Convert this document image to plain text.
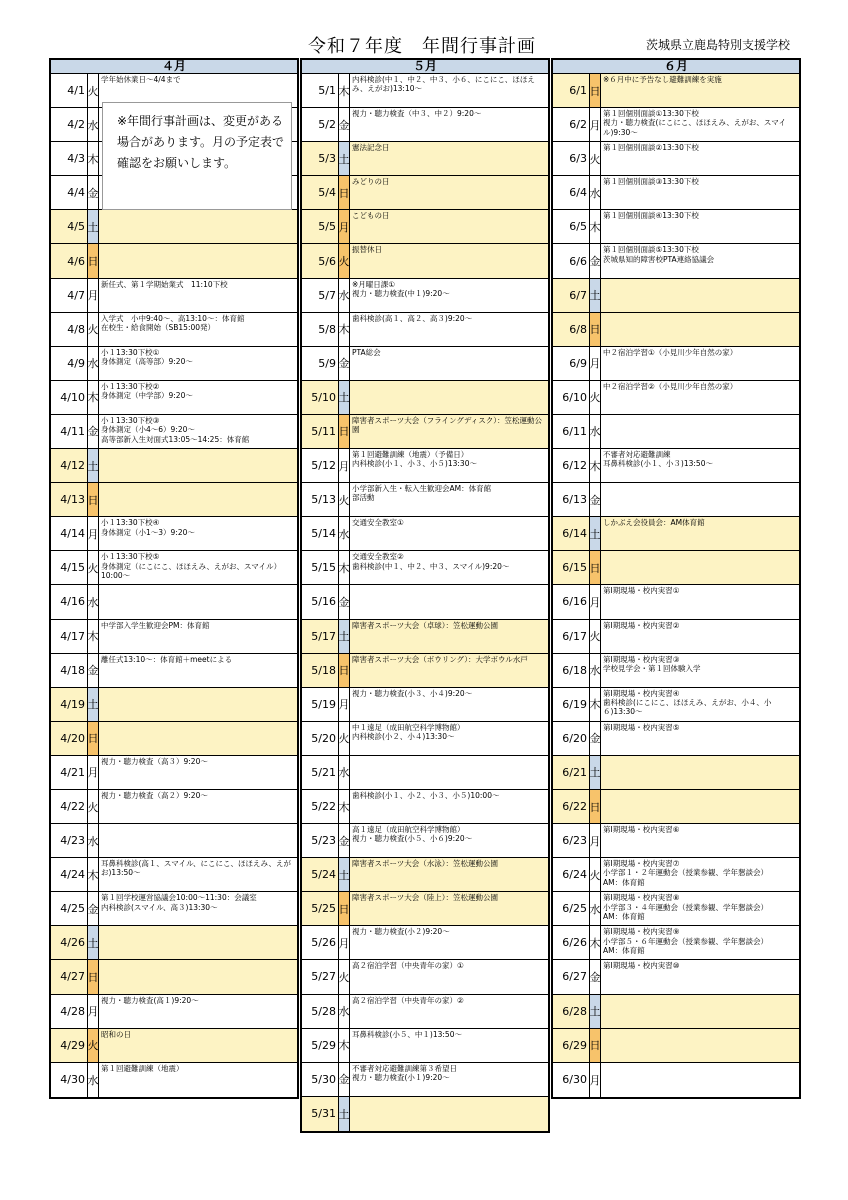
令和７年度　年間行事計画	茨城県立鹿島特別支援学校
４月
4/1 火
学年始休業日～4/4まで
4/2 水
4/3 木
4/4 金
4/5 土
4/6 日
4/7 月
新任式、第１学期始業式　11:10下校
4/8 火
入学式　小中9:40～、高13:10～：体育館
在校生・給食開始（SB15:00発）
4/9 水
小１13:30下校①
身体測定（高等部）9:20～
4/10 木
小１13:30下校②
身体測定（中学部）9:20～
4/11 金
小１13:30下校③
身体測定（小4～6）9:20～
高等部新入生対面式13:05～14:25：体育館
4/12 土
4/13 日
4/14 月
小１13:30下校④
身体測定（小1～3）9:20～
4/15 火
小１13:30下校⑤
身体測定（にこにこ、ほほえみ、えがお、スマイル）10:00～
4/16 水
4/17 木
中学部入学生歓迎会PM：体育館
4/18 金
離任式13:10～：体育館＋meetによる
4/19 土
4/20 日
4/21 月
視力・聴力検査（高３）9:20～
4/22 火
視力・聴力検査（高２）9:20～
4/23 水
4/24 木
耳鼻科検診(高１、スマイル、にこにこ、ほほえみ、えがお)13:50～
4/25 金
第１回学校運営協議会10:00～11:30：会議室
内科検診(スマイル、高３)13:30～
4/26 土
4/27 日
4/28 月
視力・聴力検査(高１)9:20～
4/29 火
昭和の日
4/30 水
第１回避難訓練（地震）
５月
5/1 木
内科検診(中１、中２、中３、小６、にこにこ、ほほえみ、えがお)13:10～
5/2 金
視力・聴力検査（中３、中２）9:20～
5/3 土
憲法記念日
5/4 日
みどりの日
5/5 月
こどもの日
5/6 火
振替休日
5/7 水
※月曜日課①
視力・聴力検査(中１)9:20～
5/8 木
歯科検診(高１、高２、高３)9:20～
5/9 金
PTA総会
5/10 土
5/11 日
障害者スポーツ大会（フライングディスク）：笠松運動公園
5/12 月
第１回避難訓練（地震）（予備日）
内科検診(小１、小３、小５)13:30～
5/13 火
小学部新入生・転入生歓迎会AM：体育館
部活動
5/14 水
交通安全教室①
5/15 木
交通安全教室②
歯科検診(中１、中２、中３、スマイル)9:20～
5/16 金
5/17 土
障害者スポーツ大会（卓球）：笠松運動公園
5/18 日
障害者スポーツ大会（ボウリング）：大学ボウル水戸
5/19 月
視力・聴力検査(小３、小４)9:20～
5/20 火
中１遠足（成田航空科学博物館）
内科検診(小２、小４)13:30～
5/21 水
5/22 木
歯科検診(小１、小２、小３、小５)10:00～
5/23 金
高１遠足（成田航空科学博物館）
視力・聴力検査(小５、小６)9:20～
5/24 土
障害者スポーツ大会（水泳）：笠松運動公園
5/25 日
障害者スポーツ大会（陸上）：笠松運動公園
5/26 月
視力・聴力検査(小２)9:20～
5/27 火
高２宿泊学習（中央青年の家）①
5/28 水
高２宿泊学習（中央青年の家）②
5/29 木
耳鼻科検診(小５、中１)13:50～
5/30 金
不審者対応避難訓練第３希望日
視力・聴力検査(小１)9:20～
5/31 土
６月
6/1 日
※６月中に予告なし避難訓練を実施
6/2 月
第１回個別面談①13:30下校
視力・聴力検査(にこにこ、ほほえみ、えがお、スマイル)9:30～
6/3 火
第１回個別面談②13:30下校
6/4 水
第１回個別面談③13:30下校
6/5 木
第１回個別面談④13:30下校
6/6 金
第１回個別面談⑤13:30下校
茨城県知的障害校PTA連絡協議会
6/7 土
6/8 日
6/9 月
中２宿泊学習①（小見川少年自然の家）
6/10 火
中２宿泊学習②（小見川少年自然の家）
6/11 水
6/12 木
不審者対応避難訓練
耳鼻科検診(小１、小３)13:50～
6/13 金
6/14 土
しかぶえ会役員会：AM体育館
6/15 日
6/16 月
第Ⅰ期現場・校内実習①
6/17 火
第Ⅰ期現場・校内実習②
6/18 水
第Ⅰ期現場・校内実習③
学校見学会・第１回体験入学
6/19 木
第Ⅰ期現場・校内実習④
歯科検診(にこにこ、ほほえみ、えがお、小４、小６)13:30～
6/20 金
第Ⅰ期現場・校内実習⑤
6/21 土
6/22 日
6/23 月
第Ⅰ期現場・校内実習⑥
6/24 火
第Ⅰ期現場・校内実習⑦
小学部１・２年運動会（授業参観、学年懇談会）
AM：体育館
6/25 水
第Ⅰ期現場・校内実習⑧
小学部３・４年運動会（授業参観、学年懇談会）
AM：体育館
6/26 木
第Ⅰ期現場・校内実習⑨
小学部５・６年運動会（授業参観、学年懇談会）
AM：体育館
6/27 金
第Ⅰ期現場・校内実習⑩
6/28 土
6/29 日
6/30 月
※年間行事計画は、変更がある場合があります。月の予定表で確認をお願いします。
